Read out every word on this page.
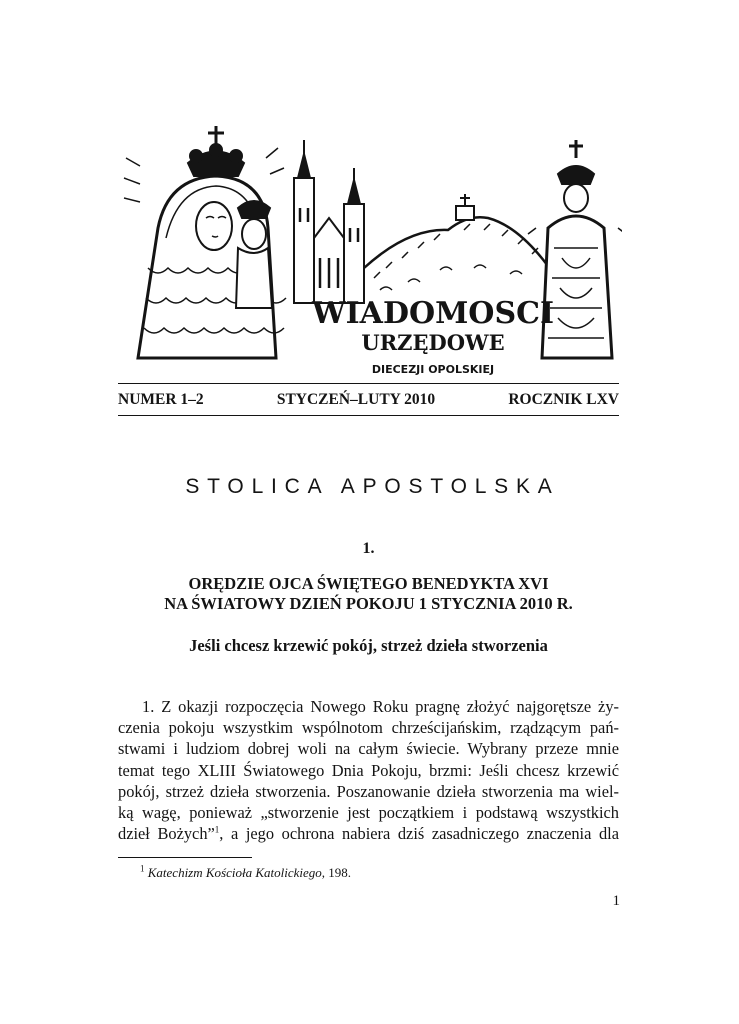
WIADOMOSCI
URZĘDOWE
DIECEZJI OPOLSKIEJ
NUMER 1–2	STYCZEŃ–LUTY 2010	ROCZNIK LXV
STOLICA APOSTOLSKA
1.
ORĘDZIE OJCA ŚWIĘTEGO BENEDYKTA XVI
NA ŚWIATOWY DZIEŃ POKOJU 1 STYCZNIA 2010 R.
Jeśli chcesz krzewić pokój, strzeż dzieła stworzenia
1. Z okazji rozpoczęcia Nowego Roku pragnę złożyć najgorętsze ży-
czenia pokoju wszystkim wspólnotom chrześcijańskim, rządzącym pań-
stwami i ludziom dobrej woli na całym świecie. Wybrany przeze mnie
temat tego XLIII Światowego Dnia Pokoju, brzmi: Jeśli chcesz krzewić
pokój, strzeż dzieła stworzenia. Poszanowanie dzieła stworzenia ma wiel-
ką wagę, ponieważ „stworzenie jest początkiem i podstawą wszystkich
dzieł Bożych”$^1$, a jego ochrona nabiera dziś zasadniczego znaczenia dla
$^1$ Katechizm Kościoła Katolickiego, 198.
1
